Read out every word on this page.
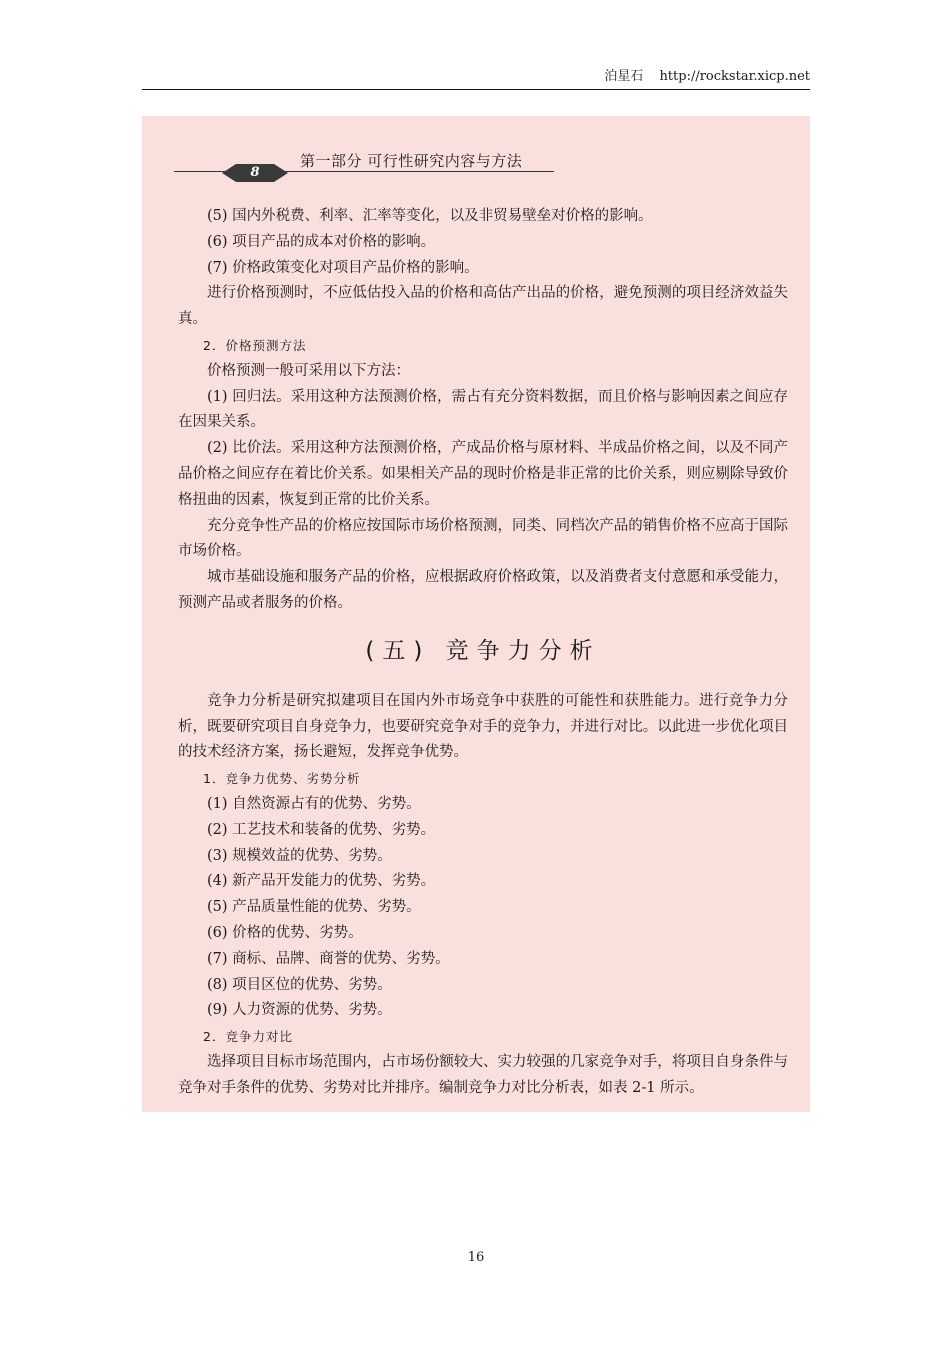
泊星石 http://rockstar.xicp.net
8
第一部分 可行性研究内容与方法

(5) 国内外税费、利率、汇率等变化，以及非贸易壁垒对价格的影响。

(6) 项目产品的成本对价格的影响。

(7) 价格政策变化对项目产品价格的影响。

进行价格预测时，不应低估投入品的价格和高估产出品的价格，避免预测的项目经济效益失真。

2．价格预测方法

价格预测一般可采用以下方法：

(1) 回归法。采用这种方法预测价格，需占有充分资料数据，而且价格与影响因素之间应存在因果关系。

(2) 比价法。采用这种方法预测价格，产成品价格与原材料、半成品价格之间，以及不同产品价格之间应存在着比价关系。如果相关产品的现时价格是非正常的比价关系，则应剔除导致价格扭曲的因素，恢复到正常的比价关系。

充分竞争性产品的价格应按国际市场价格预测，同类、同档次产品的销售价格不应高于国际市场价格。

城市基础设施和服务产品的价格，应根据政府价格政策，以及消费者支付意愿和承受能力，预测产品或者服务的价格。

(五) 竞争力分析

竞争力分析是研究拟建项目在国内外市场竞争中获胜的可能性和获胜能力。进行竞争力分析，既要研究项目自身竞争力，也要研究竞争对手的竞争力，并进行对比。以此进一步优化项目的技术经济方案，扬长避短，发挥竞争优势。

1．竞争力优势、劣势分析

(1) 自然资源占有的优势、劣势。

(2) 工艺技术和装备的优势、劣势。

(3) 规模效益的优势、劣势。

(4) 新产品开发能力的优势、劣势。

(5) 产品质量性能的优势、劣势。

(6) 价格的优势、劣势。

(7) 商标、品牌、商誉的优势、劣势。

(8) 项目区位的优势、劣势。

(9) 人力资源的优势、劣势。

2．竞争力对比

选择项目目标市场范围内，占市场份额较大、实力较强的几家竞争对手，将项目自身条件与竞争对手条件的优势、劣势对比并排序。编制竞争力对比分析表，如表 2-1 所示。

16
